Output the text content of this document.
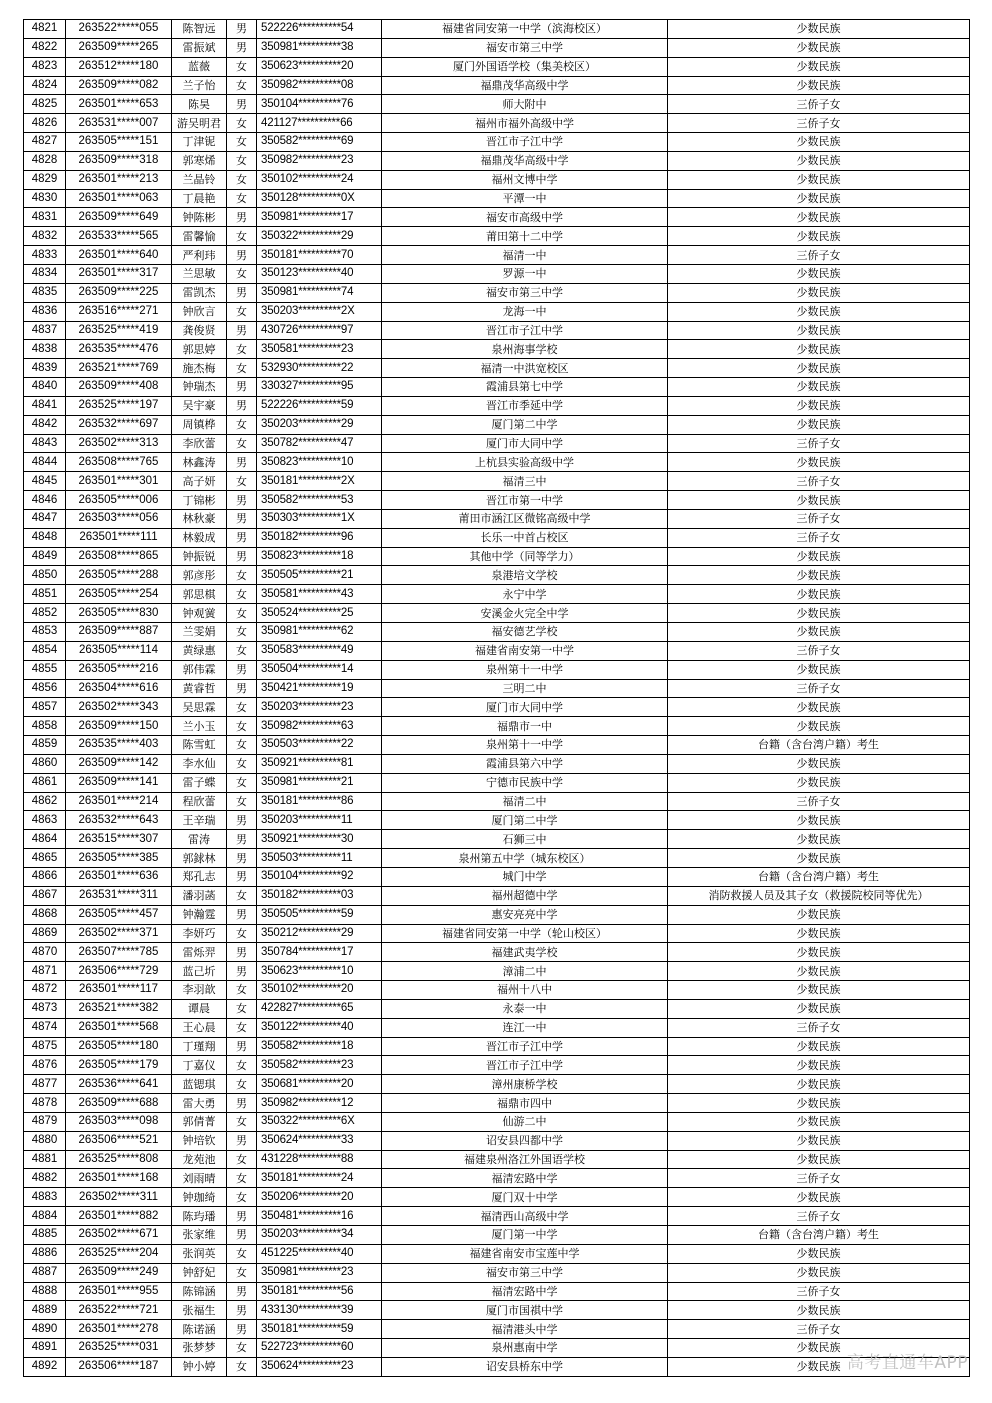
4821	263522*****055	陈智远	男	522226**********54	福建省同安第一中学（滨海校区）	少数民族
4822	263509*****265	雷振斌	男	350981**********38	福安市第三中学	少数民族
4823	263512*****180	蓝薇	女	350623**********20	厦门外国语学校（集美校区）	少数民族
4824	263509*****082	兰子怡	女	350982**********08	福鼎茂华高级中学	少数民族
4825	263501*****653	陈昊	男	350104**********76	师大附中	三侨子女
4826	263531*****007	游吴明君	女	421127**********66	福州市福外高级中学	三侨子女
4827	263505*****151	丁津铌	女	350582**********69	晋江市子江中学	少数民族
4828	263509*****318	郭寒烯	女	350982**********23	福鼎茂华高级中学	少数民族
4829	263501*****213	兰晶铃	女	350102**********24	福州文博中学	少数民族
4830	263501*****063	丁晨艳	女	350128**********0X	平潭一中	少数民族
4831	263509*****649	钟陈彬	男	350981**********17	福安市高级中学	少数民族
4832	263533*****565	雷馨愉	女	350322**********29	莆田第十二中学	少数民族
4833	263501*****640	严利玮	男	350181**********70	福清一中	三侨子女
4834	263501*****317	兰思敏	女	350123**********40	罗源一中	少数民族
4835	263509*****225	雷凯杰	男	350981**********74	福安市第三中学	少数民族
4836	263516*****271	钟欣言	女	350203**********2X	龙海一中	少数民族
4837	263525*****419	龚俊贤	男	430726**********97	晋江市子江中学	少数民族
4838	263535*****476	郭思婷	女	350581**********23	泉州海事学校	少数民族
4839	263521*****769	施杰梅	女	532930**********22	福清一中洪宽校区	少数民族
4840	263509*****408	钟瑞杰	男	330327**********95	霞浦县第七中学	少数民族
4841	263525*****197	吴宇豪	男	522226**********59	晋江市季延中学	少数民族
4842	263532*****697	周镇桦	女	350203**********29	厦门第二中学	少数民族
4843	263502*****313	李欣蕾	女	350782**********47	厦门市大同中学	三侨子女
4844	263508*****765	林鑫涛	男	350823**********10	上杭县实验高级中学	少数民族
4845	263501*****301	高子妍	女	350181**********2X	福清三中	三侨子女
4846	263505*****006	丁锦彬	男	350582**********53	晋江市第一中学	少数民族
4847	263503*****056	林秋豪	男	350303**********1X	莆田市涵江区微铭高级中学	三侨子女
4848	263501*****111	林毅成	男	350182**********96	长乐一中首占校区	三侨子女
4849	263508*****865	钟振锐	男	350823**********18	其他中学（同等学力）	少数民族
4850	263505*****288	郭彦彤	女	350505**********21	泉港培文学校	少数民族
4851	263505*****254	郭思棋	女	350581**********43	永宁中学	少数民族
4852	263505*****830	钟观黉	女	350524**********25	安溪金火完全中学	少数民族
4853	263509*****887	兰雯娟	女	350981**********62	福安德艺学校	少数民族
4854	263505*****114	黄绿惠	女	350583**********49	福建省南安第一中学	三侨子女
4855	263505*****216	郭伟霖	男	350504**********14	泉州第十一中学	少数民族
4856	263504*****616	黄睿哲	男	350421**********19	三明二中	三侨子女
4857	263502*****343	吴思霖	女	350203**********23	厦门市大同中学	少数民族
4858	263509*****150	兰小玉	女	350982**********63	福鼎市一中	少数民族
4859	263535*****403	陈雪虹	女	350503**********22	泉州第十一中学	台籍（含台湾户籍）考生
4860	263509*****142	李水仙	女	350921**********81	霞浦县第六中学	少数民族
4861	263509*****141	雷子蝶	女	350981**********21	宁德市民族中学	少数民族
4862	263501*****214	程欣蕾	女	350181**********86	福清二中	三侨子女
4863	263532*****643	王辛瑞	男	350203**********11	厦门第二中学	少数民族
4864	263515*****307	雷涛	男	350921**********30	石狮三中	少数民族
4865	263505*****385	郭銶林	男	350503**********11	泉州第五中学（城东校区）	少数民族
4866	263501*****636	郑孔志	男	350104**********92	城门中学	台籍（含台湾户籍）考生
4867	263531*****311	潘羽菡	女	350182**********03	福州超德中学	消防救援人员及其子女（救援院校同等优先）
4868	263505*****457	钟瀚霆	男	350505**********59	惠安亮亮中学	少数民族
4869	263502*****371	李妍巧	女	350212**********29	福建省同安第一中学（轮山校区）	少数民族
4870	263507*****785	雷烁羿	男	350784**********17	福建武夷学校	少数民族
4871	263506*****729	蓝己圻	男	350623**********10	漳浦二中	少数民族
4872	263501*****117	李羽歆	女	350102**********20	福州十八中	少数民族
4873	263521*****382	谭晨	女	422827**********65	永泰一中	少数民族
4874	263501*****568	王心晨	女	350122**********40	连江一中	三侨子女
4875	263505*****180	丁瑾翔	男	350582**********18	晋江市子江中学	少数民族
4876	263505*****179	丁嘉仪	女	350582**********23	晋江市子江中学	少数民族
4877	263536*****641	蓝锶琪	女	350681**********20	漳州康桥学校	少数民族
4878	263509*****688	雷大勇	男	350982**********12	福鼎市四中	少数民族
4879	263503*****098	郭倩菁	女	350322**********6X	仙游二中	少数民族
4880	263506*****521	钟培钦	男	350624**********33	诏安县四都中学	少数民族
4881	263525*****808	龙苑池	女	431228**********88	福建泉州洛江外国语学校	少数民族
4882	263501*****168	刘雨晴	女	350181**********24	福清宏路中学	三侨子女
4883	263502*****311	钟珈绮	女	350206**********20	厦门双十中学	少数民族
4884	263501*****882	陈玙璠	男	350481**********16	福清西山高级中学	三侨子女
4885	263502*****671	张家维	男	350203**********34	厦门第一中学	台籍（含台湾户籍）考生
4886	263525*****204	张润英	女	451225**********40	福建省南安市宝莲中学	少数民族
4887	263509*****249	钟舒妃	女	350981**********23	福安市第三中学	少数民族
4888	263501*****955	陈锦涵	男	350181**********56	福清宏路中学	三侨子女
4889	263522*****721	张福生	男	433130**********39	厦门市国祺中学	少数民族
4890	263501*****278	陈诺涵	男	350181**********59	福清港头中学	三侨子女
4891	263525*****031	张梦梦	女	522723**********60	泉州惠南中学	少数民族
4892	263506*****187	钟小婷	女	350624**********23	诏安县桥东中学	少数民族 高考直通车APP
